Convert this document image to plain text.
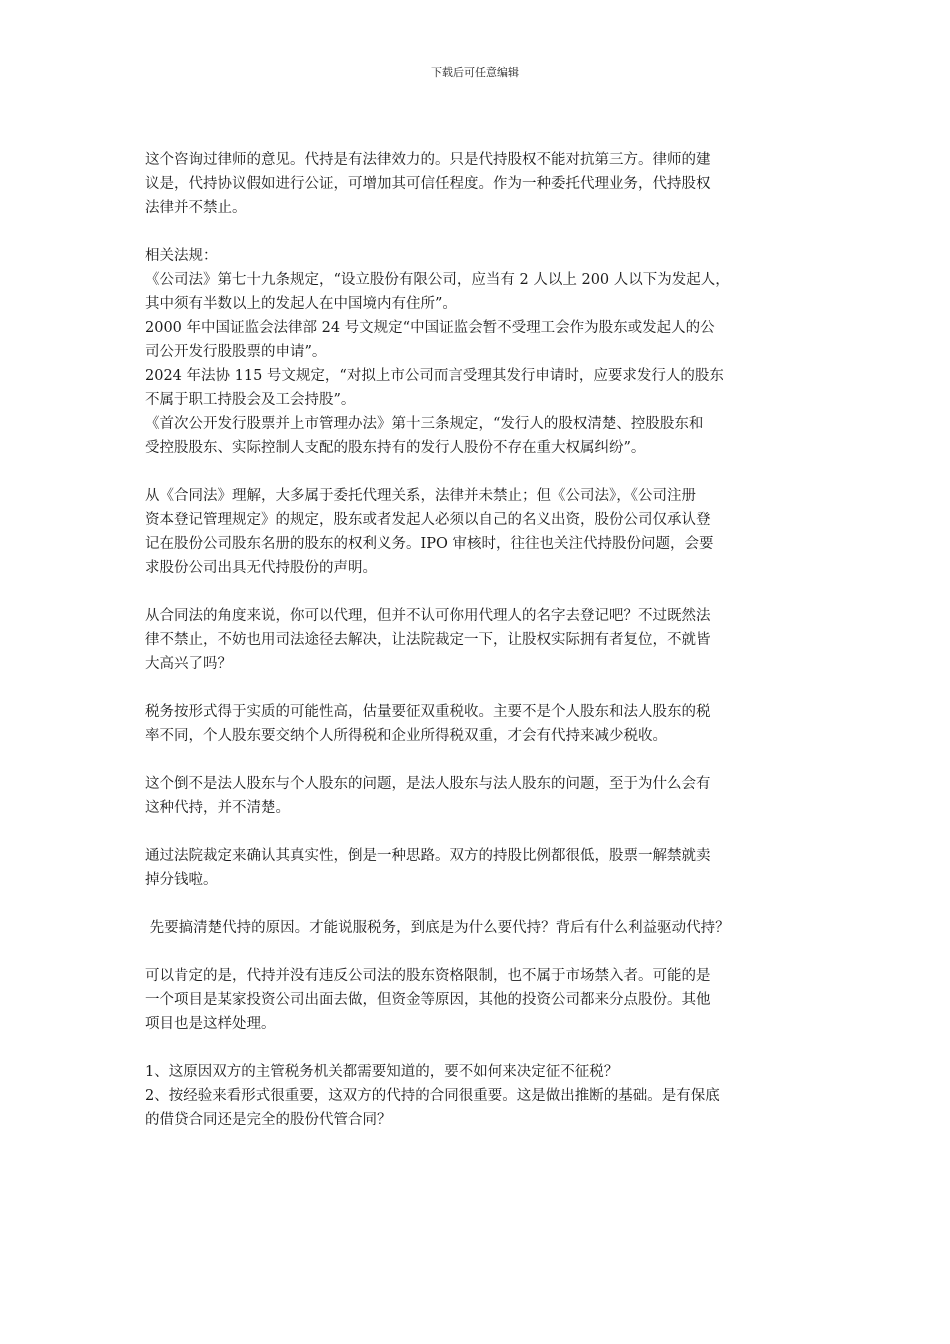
下载后可任意编辑
这个咨询过律师的意见。代持是有法律效力的。只是代持股权不能对抗第三方。律师的建
议是，代持协议假如进行公证，可增加其可信任程度。作为一种委托代理业务，代持股权
法律并不禁止。
相关法规：
《公司法》第七十九条规定，“设立股份有限公司，应当有 2 人以上 200 人以下为发起人，
其中须有半数以上的发起人在中国境内有住所”。
2000 年中国证监会法律部 24 号文规定“中国证监会暂不受理工会作为股东或发起人的公
司公开发行股股票的申请”。
2024 年法协 115 号文规定，“对拟上市公司而言受理其发行申请时，应要求发行人的股东
不属于职工持股会及工会持股”。
《首次公开发行股票并上市管理办法》第十三条规定，“发行人的股权清楚、控股股东和
受控股股东、实际控制人支配的股东持有的发行人股份不存在重大权属纠纷”。
从《合同法》理解，大多属于委托代理关系，法律并未禁止；但《公司法》，《公司注册
资本登记管理规定》的规定，股东或者发起人必须以自己的名义出资，股份公司仅承认登
记在股份公司股东名册的股东的权利义务。IPO 审核时，往往也关注代持股份问题，会要
求股份公司出具无代持股份的声明。
从合同法的角度来说，你可以代理，但并不认可你用代理人的名字去登记吧？不过既然法
律不禁止，不妨也用司法途径去解决，让法院裁定一下，让股权实际拥有者复位，不就皆
大高兴了吗？
税务按形式得于实质的可能性高，估量要征双重税收。主要不是个人股东和法人股东的税
率不同，个人股东要交纳个人所得税和企业所得税双重，才会有代持来减少税收。
这个倒不是法人股东与个人股东的问题，是法人股东与法人股东的问题，至于为什么会有
这种代持，并不清楚。
通过法院裁定来确认其真实性，倒是一种思路。双方的持股比例都很低，股票一解禁就卖
掉分钱啦。
先要搞清楚代持的原因。才能说服税务，到底是为什么要代持？背后有什么利益驱动代持？
可以肯定的是，代持并没有违反公司法的股东资格限制，也不属于市场禁入者。可能的是
一个项目是某家投资公司出面去做，但资金等原因，其他的投资公司都来分点股份。其他
项目也是这样处理。
1、这原因双方的主管税务机关都需要知道的，要不如何来决定征不征税？
2、按经验来看形式很重要，这双方的代持的合同很重要。这是做出推断的基础。是有保底
的借贷合同还是完全的股份代管合同？
